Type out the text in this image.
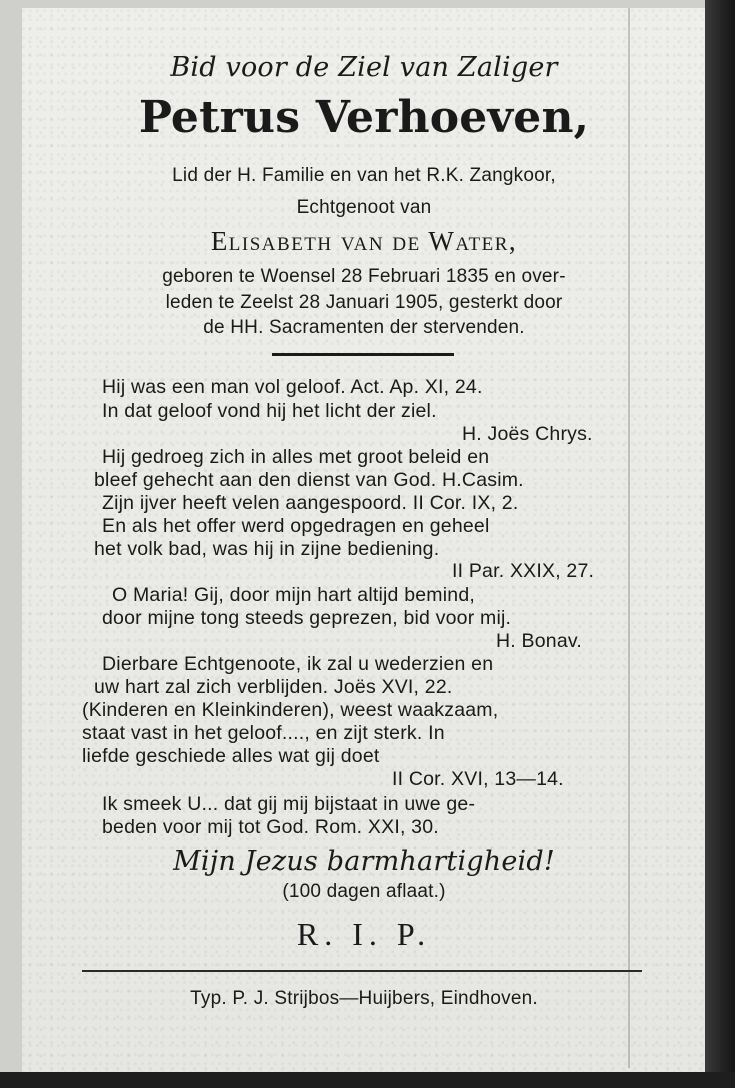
Bid voor de Ziel van Zaliger
Petrus Verhoeven,
Lid der H. Familie en van het R.K. Zangkoor,
Echtgenoot van
Elisabeth van de Water,
geboren te Woensel 28 Februari 1835 en over-
leden te Zeelst 28 Januari 1905, gesterkt door
de HH. Sacramenten der stervenden.
Hij was een man vol geloof. Act. Ap. XI, 24.
In dat geloof vond hij het licht der ziel.
H. Joës Chrys.
Hij gedroeg zich in alles met groot beleid en
bleef gehecht aan den dienst van God. H.Casim.
Zijn ijver heeft velen aangespoord. II Cor. IX, 2.
En als het offer werd opgedragen en geheel
het volk bad, was hij in zijne bediening.
II Par. XXIX, 27.
O Maria! Gij, door mijn hart altijd bemind,
door mijne tong steeds geprezen, bid voor mij.
H. Bonav.
Dierbare Echtgenoote, ik zal u wederzien en
uw hart zal zich verblijden. Joës XVI, 22.
(Kinderen en Kleinkinderen), weest waakzaam,
staat vast in het geloof...., en zijt sterk. In
liefde geschiede alles wat gij doet
II Cor. XVI, 13—14.
Ik smeek U... dat gij mij bijstaat in uwe ge-
beden voor mij tot God. Rom. XXI, 30.
Mijn Jezus barmhartigheid!
(100 dagen aflaat.)
R. I. P.
Typ. P. J. Strijbos—Huijbers, Eindhoven.
